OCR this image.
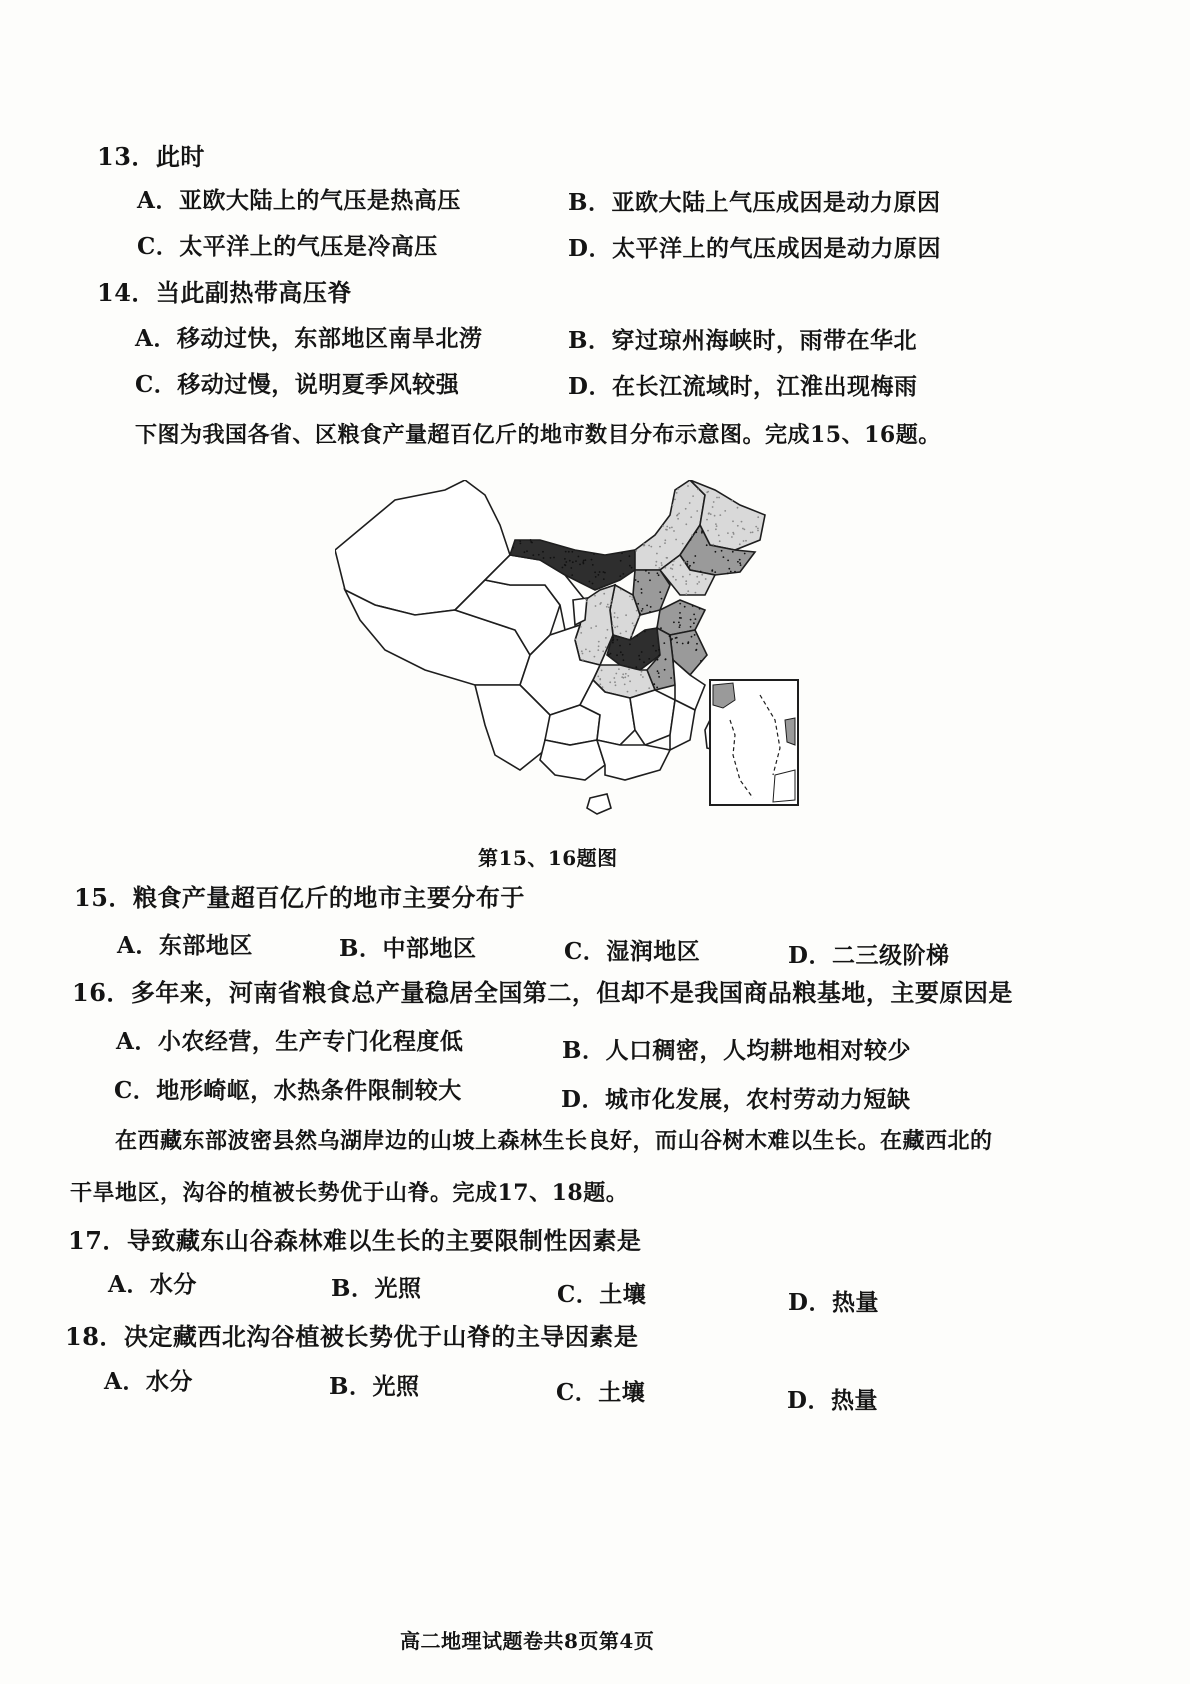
13．此时
A．亚欧大陆上的气压是热高压	B．亚欧大陆上气压成因是动力原因
C．太平洋上的气压是冷高压	D．太平洋上的气压成因是动力原因
14．当此副热带高压脊
A．移动过快，东部地区南旱北涝	B．穿过琼州海峡时，雨带在华北
C．移动过慢，说明夏季风较强	D．在长江流域时，江淮出现梅雨
下图为我国各省、区粮食产量超百亿斤的地市数目分布示意图。完成15、16题。
第15、16题图
15．粮食产量超百亿斤的地市主要分布于
A．东部地区	B．中部地区	C．湿润地区	D．二三级阶梯
16．多年来，河南省粮食总产量稳居全国第二，但却不是我国商品粮基地，主要原因是
A．小农经营，生产专门化程度低	B．人口稠密，人均耕地相对较少
C．地形崎岖，水热条件限制较大	D．城市化发展，农村劳动力短缺
在西藏东部波密县然乌湖岸边的山坡上森林生长良好，而山谷树木难以生长。在藏西北的
干旱地区，沟谷的植被长势优于山脊。完成17、18题。
17．导致藏东山谷森林难以生长的主要限制性因素是
A．水分	B．光照	C．土壤	D．热量
18．决定藏西北沟谷植被长势优于山脊的主导因素是
A．水分	B．光照	C．土壤	D．热量
高二地理试题卷共8页第4页
